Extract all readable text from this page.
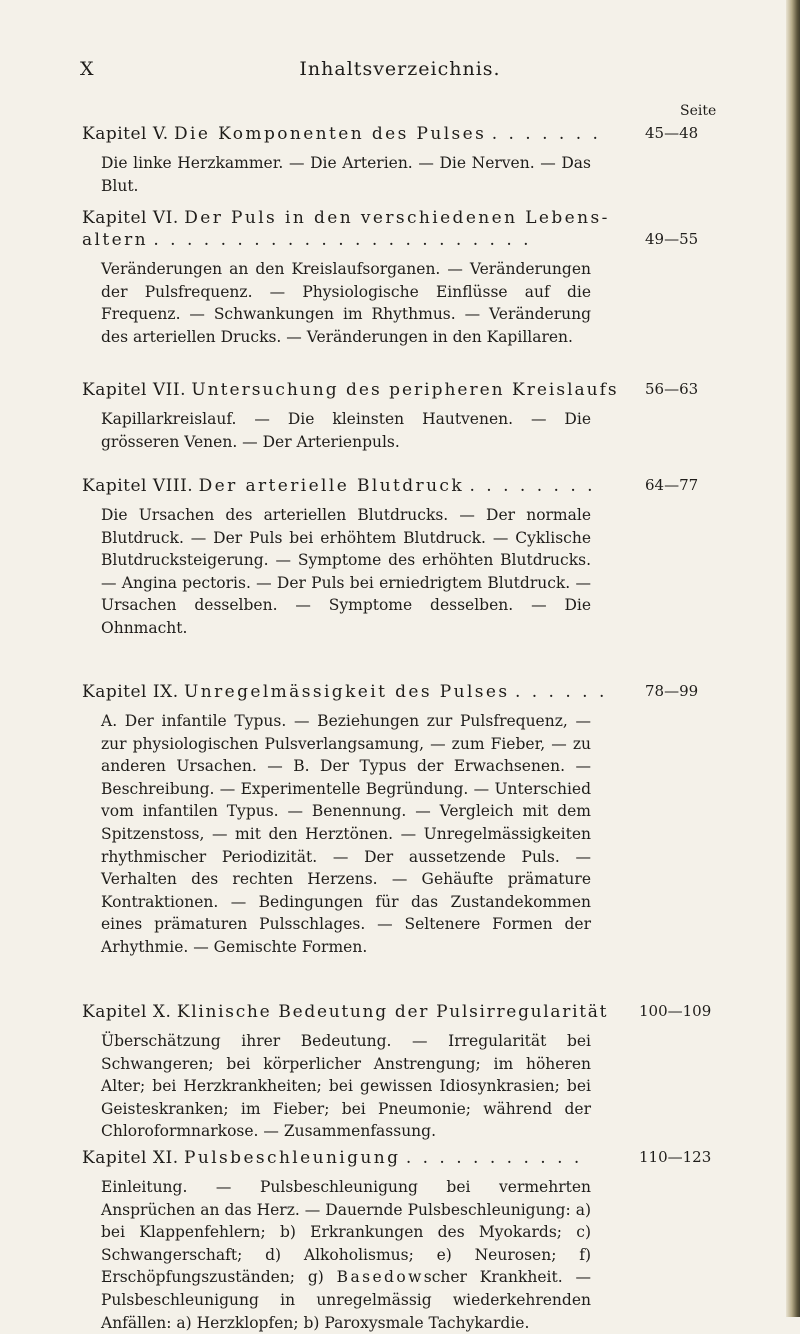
Inhaltsverzeichnis.
X
Seite
Kapitel V. Die Komponenten des Pulses . . . . . . .	45—48
Die linke Herzkammer. — Die Arterien. — Die Nerven. — Das Blut.
Kapitel VI. Der Puls in den verschiedenen Lebens-
altern . . . . . . . . . . . . . . . . . . . . . . .	49—55
Veränderungen an den Kreislaufsorganen. — Veränderungen der Pulsfrequenz. — Physiologische Einflüsse auf die Frequenz. — Schwankungen im Rhythmus. — Veränderung des arteriellen Drucks. — Veränderungen in den Kapillaren.
Kapitel VII. Untersuchung des peripheren Kreislaufs 56—63
Kapillarkreislauf. — Die kleinsten Hautvenen. — Die grösseren Venen. — Der Arterienpuls.
Kapitel VIII. Der arterielle Blutdruck . . . . . . . .	64—77
Die Ursachen des arteriellen Blutdrucks. — Der normale Blutdruck. — Der Puls bei erhöhtem Blutdruck. — Cyklische Blutdrucksteigerung. — Symptome des erhöhten Blutdrucks. — Angina pectoris. — Der Puls bei erniedrigtem Blutdruck. — Ursachen desselben. — Symptome desselben. — Die Ohnmacht.
Kapitel IX. Unregelmässigkeit des Pulses . . . . . .	78—99
A. Der infantile Typus. — Beziehungen zur Pulsfrequenz, — zur physiologischen Pulsverlangsamung, — zum Fieber, — zu anderen Ursachen. — B. Der Typus der Erwachsenen. — Beschreibung. — Experimentelle Begründung. — Unterschied vom infantilen Typus. — Benennung. — Vergleich mit dem Spitzenstoss, — mit den Herztönen. — Unregelmässigkeiten rhythmischer Periodizität. — Der aussetzende Puls. — Verhalten des rechten Herzens. — Gehäufte prämature Kontraktionen. — Bedingungen für das Zustandekommen eines prämaturen Pulsschlages. — Seltenere Formen der Arhythmie. — Gemischte Formen.
Kapitel X. Klinische Bedeutung der Pulsirregularität 100—109
Überschätzung ihrer Bedeutung. — Irregularität bei Schwangeren; bei körperlicher Anstrengung; im höheren Alter; bei Herzkrankheiten; bei gewissen Idiosynkrasien; bei Geisteskranken; im Fieber; bei Pneumonie; während der Chloroformnarkose. — Zusammenfassung.
Kapitel XI. Pulsbeschleunigung . . . . . . . . . . .	110—123
Einleitung. — Pulsbeschleunigung bei vermehrten Ansprüchen an das Herz. — Dauernde Pulsbeschleunigung: a) bei Klappenfehlern; b) Erkrankungen des Myokards; c) Schwangerschaft; d) Alkoholismus; e) Neurosen; f) Erschöpfungszuständen; g) Basedowscher Krankheit. — Pulsbeschleunigung in unregelmässig wiederkehrenden Anfällen: a) Herzklopfen; b) Paroxysmale Tachykardie.
